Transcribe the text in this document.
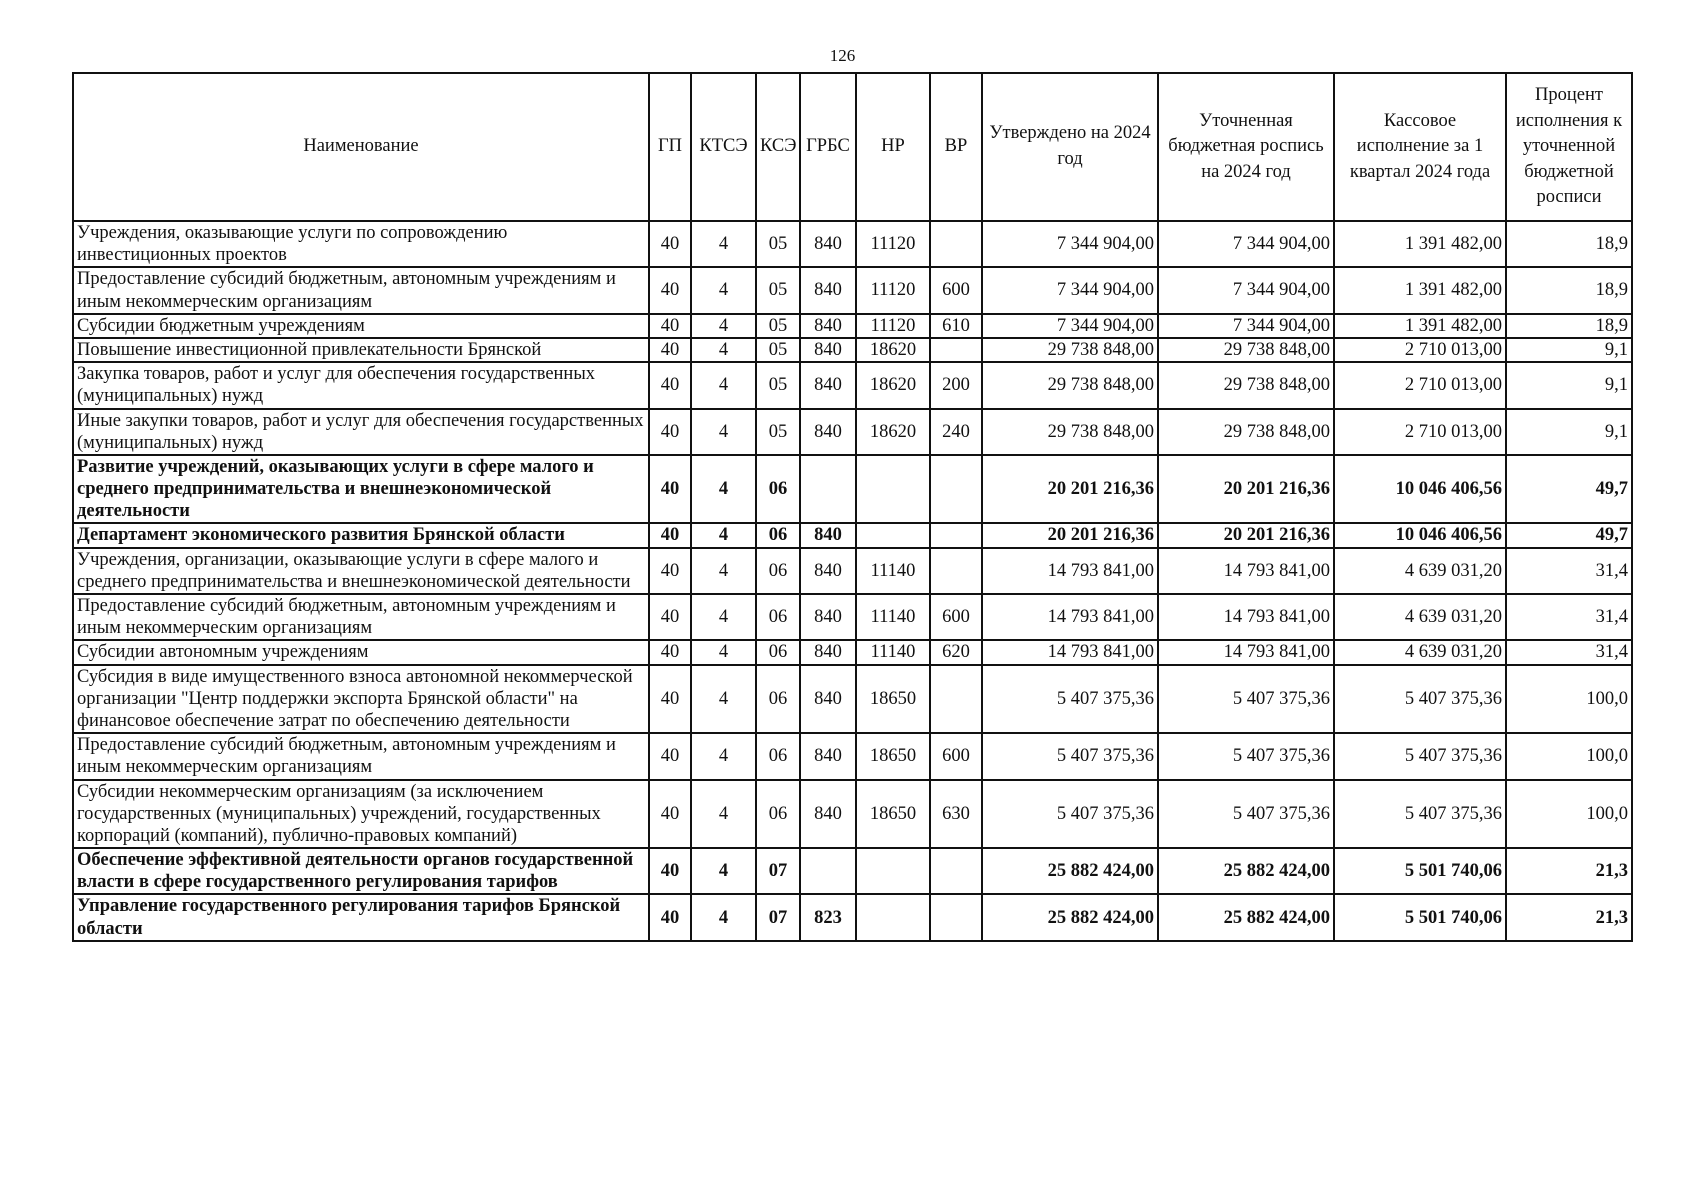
126
Наименование	ГП	КТСЭ	КСЭ	ГРБС	НР	ВР	Утверждено на 2024 год	Уточненная бюджетная роспись на 2024 год	Кассовое исполнение за 1 квартал 2024 года	Процент исполнения к уточненной бюджетной росписи
Учреждения, оказывающие услуги по сопровождению инвестиционных проектов	40	4	05	840	11120		7 344 904,00	7 344 904,00	1 391 482,00	18,9
Предоставление субсидий бюджетным, автономным учреждениям и иным некоммерческим организациям	40	4	05	840	11120	600	7 344 904,00	7 344 904,00	1 391 482,00	18,9
Субсидии бюджетным учреждениям	40	4	05	840	11120	610	7 344 904,00	7 344 904,00	1 391 482,00	18,9
Повышение инвестиционной привлекательности Брянской	40	4	05	840	18620		29 738 848,00	29 738 848,00	2 710 013,00	9,1
Закупка товаров, работ и услуг для обеспечения государственных (муниципальных) нужд	40	4	05	840	18620	200	29 738 848,00	29 738 848,00	2 710 013,00	9,1
Иные закупки товаров, работ и услуг для обеспечения государственных (муниципальных) нужд	40	4	05	840	18620	240	29 738 848,00	29 738 848,00	2 710 013,00	9,1
Развитие учреждений, оказывающих услуги в сфере малого и среднего предпринимательства и внешнеэкономической деятельности	40	4	06				20 201 216,36	20 201 216,36	10 046 406,56	49,7
Департамент экономического развития Брянской области	40	4	06	840			20 201 216,36	20 201 216,36	10 046 406,56	49,7
Учреждения, организации, оказывающие услуги в сфере малого и среднего предпринимательства и внешнеэкономической деятельности	40	4	06	840	11140		14 793 841,00	14 793 841,00	4 639 031,20	31,4
Предоставление субсидий бюджетным, автономным учреждениям и иным некоммерческим организациям	40	4	06	840	11140	600	14 793 841,00	14 793 841,00	4 639 031,20	31,4
Субсидии автономным учреждениям	40	4	06	840	11140	620	14 793 841,00	14 793 841,00	4 639 031,20	31,4
Субсидия в виде имущественного взноса автономной некоммерческой организации "Центр поддержки экспорта Брянской области" на финансовое обеспечение затрат по обеспечению деятельности	40	4	06	840	18650		5 407 375,36	5 407 375,36	5 407 375,36	100,0
Предоставление субсидий бюджетным, автономным учреждениям и иным некоммерческим организациям	40	4	06	840	18650	600	5 407 375,36	5 407 375,36	5 407 375,36	100,0
Субсидии некоммерческим организациям (за исключением государственных (муниципальных) учреждений, государственных корпораций (компаний), публично-правовых компаний)	40	4	06	840	18650	630	5 407 375,36	5 407 375,36	5 407 375,36	100,0
Обеспечение эффективной деятельности органов государственной власти в сфере государственного регулирования тарифов	40	4	07				25 882 424,00	25 882 424,00	5 501 740,06	21,3
Управление государственного регулирования тарифов Брянской области	40	4	07	823			25 882 424,00	25 882 424,00	5 501 740,06	21,3
